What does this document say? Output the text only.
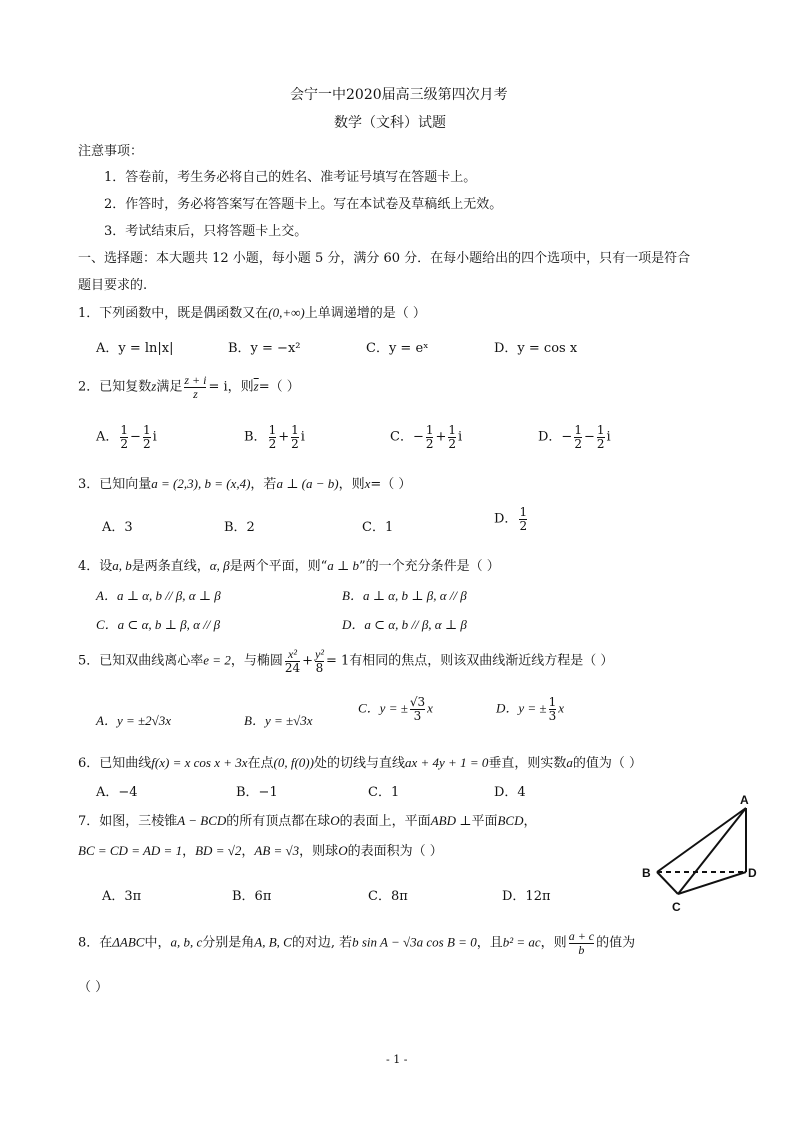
会宁一中2020届高三级第四次月考
数学（文科）试题
注意事项：
1．答卷前，考生务必将自己的姓名、准考证号填写在答题卡上。
2．作答时，务必将答案写在答题卡上。写在本试卷及草稿纸上无效。
3．考试结束后，只将答题卡上交。
一、选择题：本大题共 12 小题，每小题 5 分，满分 60 分．在每小题给出的四个选项中，只有一项是符合
题目要求的.
1．下列函数中，既是偶函数又在(0,+∞)上单调递增的是（ ）
A．y = ln|x|	B．y = −x²	C．y = eˣ	D．y = cos x
2．已知复数z满足 $\frac{z + i}{z} = i$，则$\overline{z}=$（ ）
A． $\frac{1}{2} - \frac{1}{2}$ i	B． $\frac{1}{2} + \frac{1}{2}$ i	C．− $\frac{1}{2} + \frac{1}{2}$ i	D．− $\frac{1}{2} - \frac{1}{2}$ i
3．已知向量a = (2,3), b = (x,4)，若a ⊥ (a − b)，则x=（ ）
A．3	B．2	C．1
D． $\frac{1}{2}$
4．设a, b是两条直线，α, β是两个平面，则“a ⊥ b”的一个充分条件是（ ）
A．a ⊥ α, b // β, α ⊥ β	B．a ⊥ α, b ⊥ β, α // β
C．a ⊂ α, b ⊥ β, α // β	D．a ⊂ α, b // β, α ⊥ β
5．已知双曲线离心率e = 2，与椭圆 $\frac{\text{x²}}{24} + \frac{\text{y²}}{8} = 1$有相同的焦点，则该双曲线渐近线方程是（ ）
A．y = ±2√3x	B．y = ±√3x
C．y = ± $\frac{√3}{3}$ x	D．y = ± $\frac{1}{3}$ x
6．已知曲线f(x) = x cos x + 3x在点(0, f(0))处的切线与直线ax + 4y + 1 = 0垂直，则实数a的值为（ ）
A．−4	B．−1	C．1	D．4
7．如图，三棱锥A − BCD的所有顶点都在球O的表面上，平面ABD ⊥平面BCD，
BC = CD = AD = 1，BD = √2，AB = √3，则球O的表面积为（ ）
A．3π	B．6π	C．8π	D．12π
A
B
C
D
8．在ΔABC中，a, b, c分别是角A, B, C的对边, 若b sin A − √3a cos B = 0，且b² = ac，则 $\frac{a + c}{b}$ 的值为
（ ）
- 1 -
